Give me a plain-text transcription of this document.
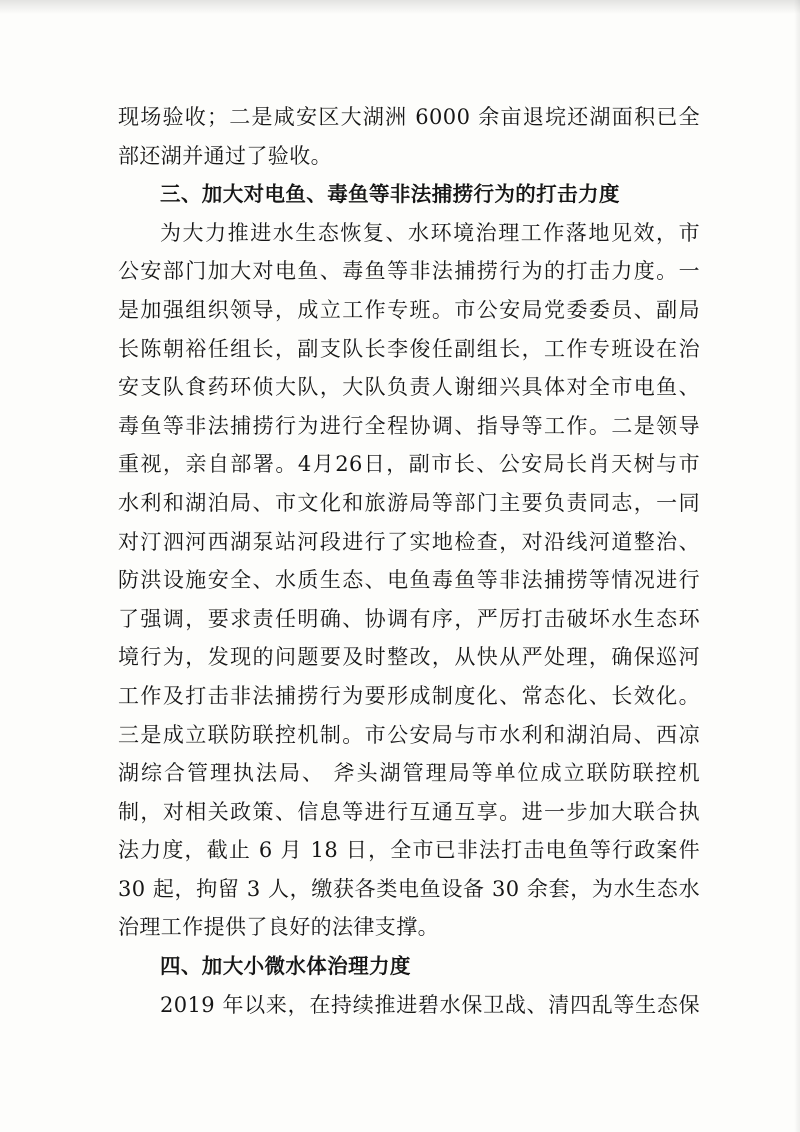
现场验收；二是咸安区大湖洲 6000 余亩退垸还湖面积已全
部还湖并通过了验收。
三、加大对电鱼、毒鱼等非法捕捞行为的打击力度
为大力推进水生态恢复、水环境治理工作落地见效，市
公安部门加大对电鱼、毒鱼等非法捕捞行为的打击力度。一
是加强组织领导，成立工作专班。市公安局党委委员、副局
长陈朝裕任组长，副支队长李俊任副组长，工作专班设在治
安支队食药环侦大队，大队负责人谢细兴具体对全市电鱼、
毒鱼等非法捕捞行为进行全程协调、指导等工作。二是领导
重视，亲自部署。4月26日，副市长、公安局长肖天树与市
水利和湖泊局、市文化和旅游局等部门主要负责同志，一同
对汀泗河西湖泵站河段进行了实地检查，对沿线河道整治、
防洪设施安全、水质生态、电鱼毒鱼等非法捕捞等情况进行
了强调，要求责任明确、协调有序，严厉打击破坏水生态环
境行为，发现的问题要及时整改，从快从严处理，确保巡河
工作及打击非法捕捞行为要形成制度化、常态化、长效化。
三是成立联防联控机制。市公安局与市水利和湖泊局、西凉
湖综合管理执法局、 斧头湖管理局等单位成立联防联控机
制，对相关政策、信息等进行互通互享。进一步加大联合执
法力度，截止 6 月 18 日，全市已非法打击电鱼等行政案件
30 起，拘留 3 人，缴获各类电鱼设备 30 余套，为水生态水
治理工作提供了良好的法律支撑。
四、加大小微水体治理力度
2019 年以来，在持续推进碧水保卫战、清四乱等生态保
